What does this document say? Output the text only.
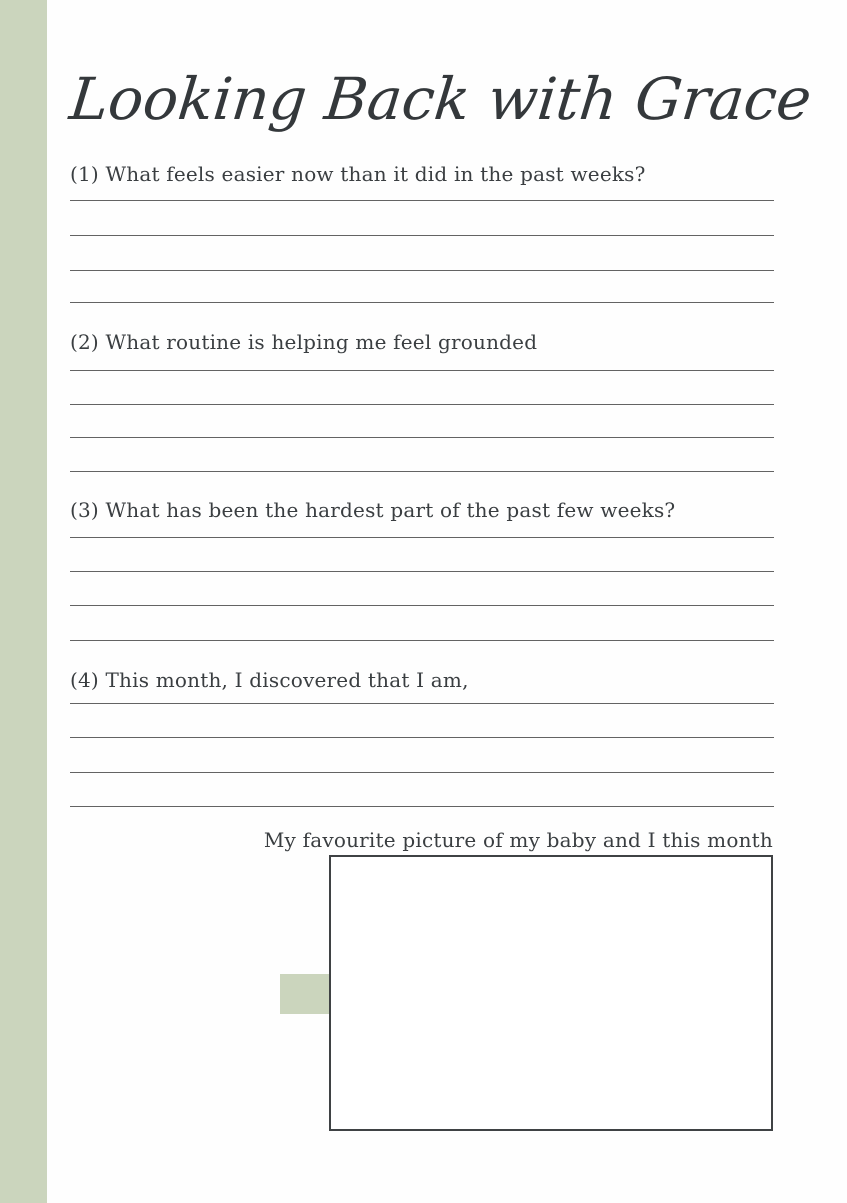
Looking Back with Grace
(1) What feels easier now than it did in the past weeks?
(2) What routine is helping me feel grounded
(3) What has been the hardest part of the past few weeks?
(4) This month, I discovered that I am,
My favourite picture of my baby and I this month
